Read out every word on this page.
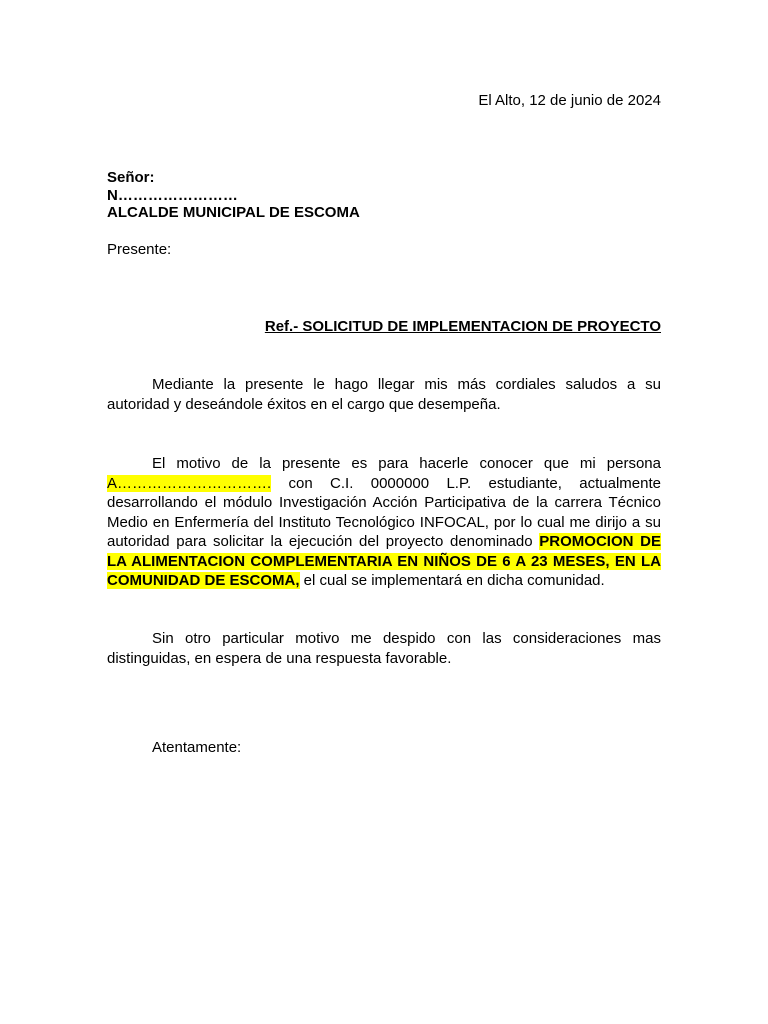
El Alto, 12 de junio de 2024
Señor:
N……………………
ALCALDE MUNICIPAL DE ESCOMA
Presente:
Ref.- SOLICITUD DE IMPLEMENTACION DE PROYECTO

Mediante la presente le hago llegar mis más cordiales saludos a su autoridad y deseándole éxitos en el cargo que desempeña.

El motivo de la presente es para hacerle conocer que mi persona A…………………………. con C.I. 0000000 L.P. estudiante, actualmente desarrollando el módulo Investigación Acción Participativa de la carrera Técnico Medio en Enfermería del Instituto Tecnológico INFOCAL, por lo cual me dirijo a su autoridad para solicitar la ejecución del proyecto denominado PROMOCION DE LA ALIMENTACION COMPLEMENTARIA EN NIÑOS DE 6 A 23 MESES, EN LA COMUNIDAD DE ESCOMA, el cual se implementará en dicha comunidad.

Sin otro particular motivo me despido con las consideraciones mas distinguidas, en espera de una respuesta favorable.

Atentamente:
